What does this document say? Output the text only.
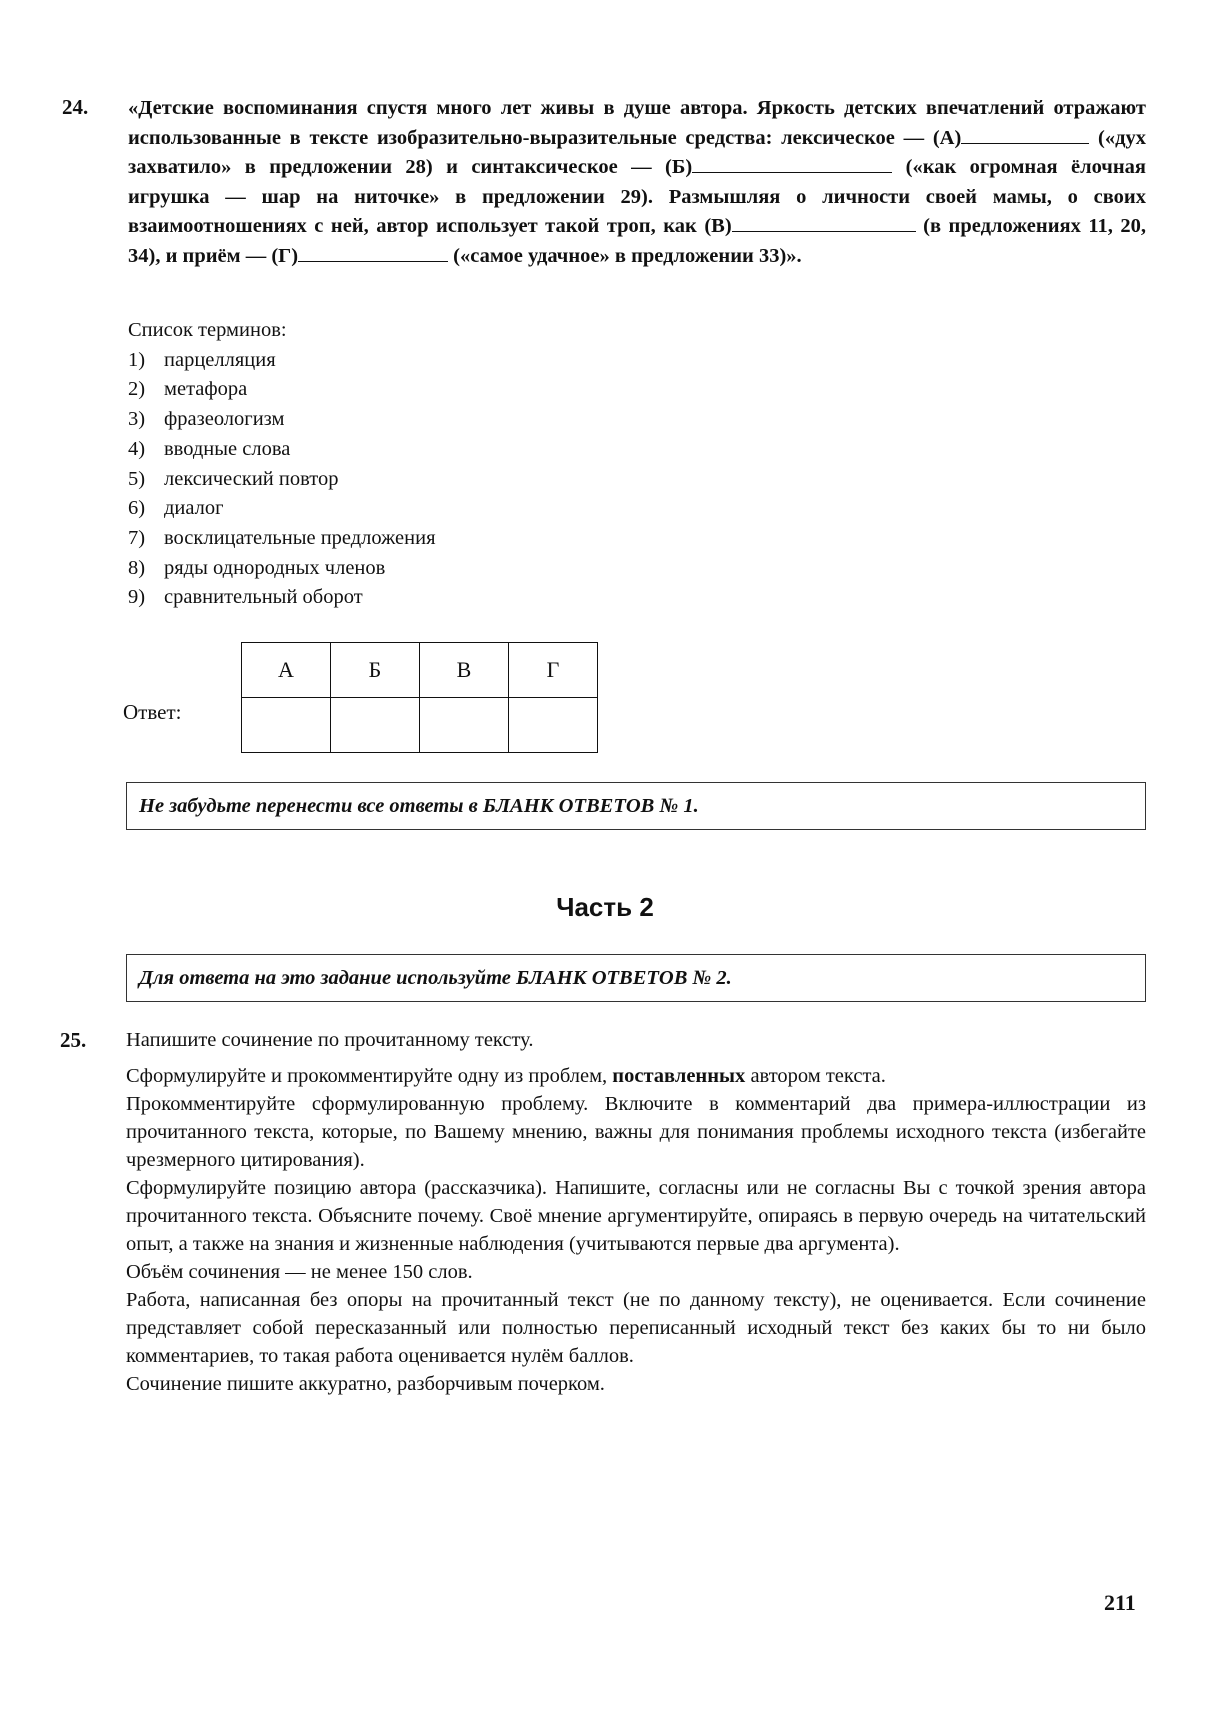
24. «Детские воспоминания спустя много лет живы в душе автора. Яркость детских впечатлений отражают использованные в тексте изобразительно-выразительные средства: лексическое — (А)	(«дух захватило» в предложении 28) и синтаксическое — (Б)	(«как огромная ёлочная игрушка — шар на ниточке» в предложении 29). Размышляя о личности своей мамы, о своих взаимоотношениях с ней, автор использует такой троп, как (В)	(в предложениях 11, 20, 34), и приём — (Г)	(«самое удачное» в предложении 33)».
Список терминов:
1) парцелляция
2) метафора
3) фразеологизм
4) вводные слова
5) лексический повтор
6) диалог
7) восклицательные предложения
8) ряды однородных членов
9) сравнительный оборот
Ответ:
А	Б	В	Г

Не забудьте перенести все ответы в БЛАНК ОТВЕТОВ № 1.
Часть 2
Для ответа на это задание используйте БЛАНК ОТВЕТОВ № 2.
25. Напишите сочинение по прочитанному тексту.

Сформулируйте и прокомментируйте одну из проблем, поставленных автором текста.

Прокомментируйте сформулированную проблему. Включите в комментарий два примера-иллюстрации из прочитанного текста, которые, по Вашему мнению, важны для понимания проблемы исходного текста (избегайте чрезмерного цитирования).

Сформулируйте позицию автора (рассказчика). Напишите, согласны или не согласны Вы с точкой зрения автора прочитанного текста. Объясните почему. Своё мнение аргументируйте, опираясь в первую очередь на читательский опыт, а также на знания и жизненные наблюдения (учитываются первые два аргумента).

Объём сочинения — не менее 150 слов.

Работа, написанная без опоры на прочитанный текст (не по данному тексту), не оценивается. Если сочинение представляет собой пересказанный или полностью переписанный исходный текст без каких бы то ни было комментариев, то такая работа оценивается нулём баллов.

Сочинение пишите аккуратно, разборчивым почерком.

211
